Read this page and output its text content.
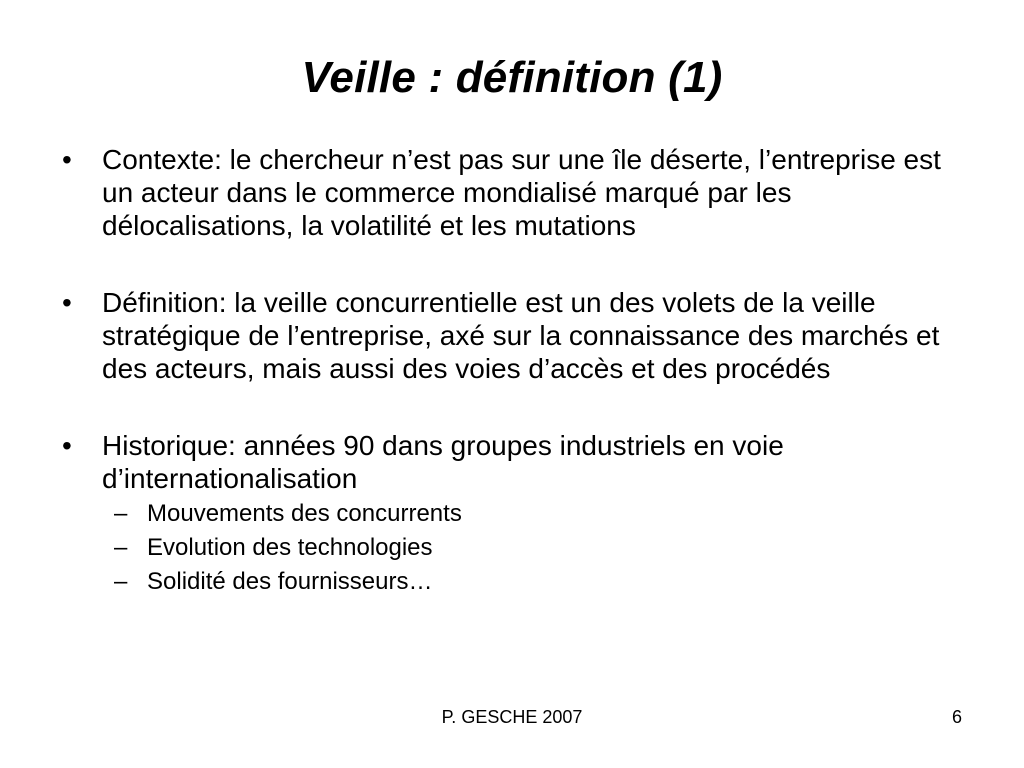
Veille : définition (1)
•	Contexte: le chercheur n’est pas sur une île déserte, l’entreprise est un acteur dans le commerce mondialisé marqué par les délocalisations, la volatilité et les mutations
•	Définition: la veille concurrentielle est un des volets de la veille stratégique de l’entreprise, axé sur la connaissance des marchés et des acteurs, mais aussi des voies d’accès et des procédés
•	Historique: années 90 dans groupes industriels en voie d’internationalisation
– Mouvements des concurrents
– Evolution des technologies
– Solidité des fournisseurs…
P. GESCHE 2007	6
